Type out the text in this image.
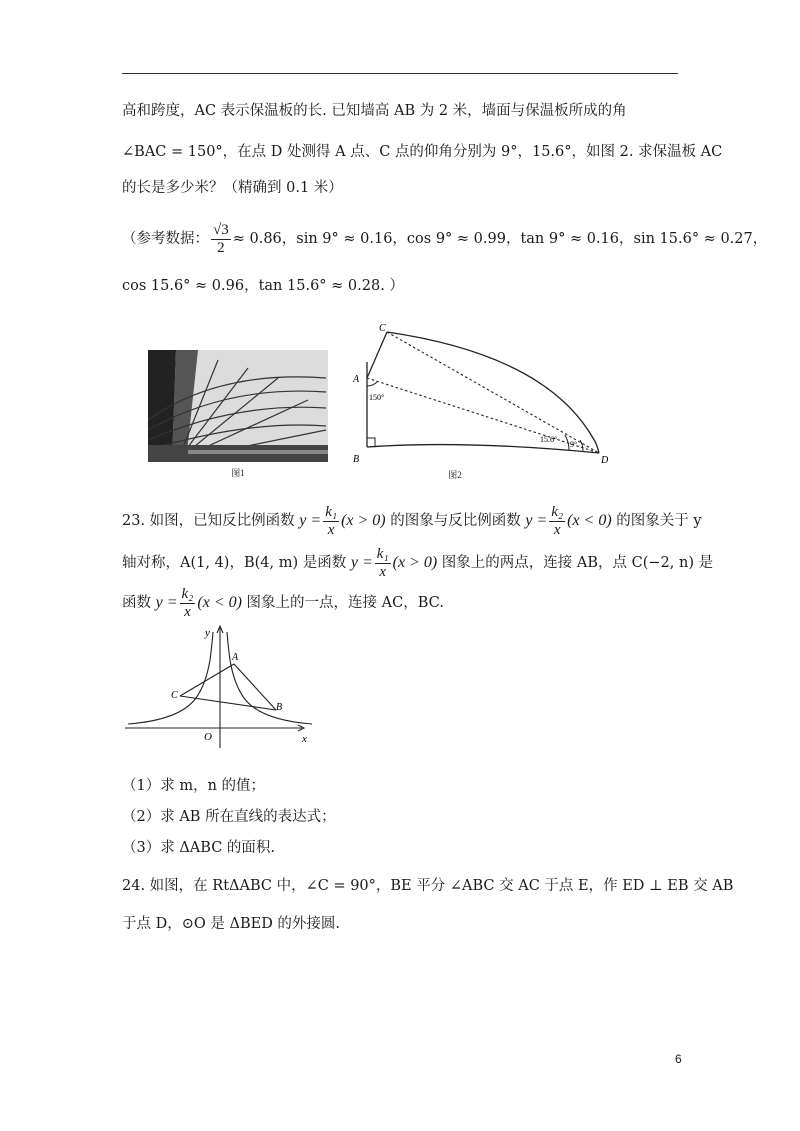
高和跨度，AC 表示保温板的长. 已知墙高 AB 为 2 米，墙面与保温板所成的角
∠BAC = 150°，在点 D 处测得 A 点、C 点的仰角分别为 9°，15.6°，如图 2. 求保温板 AC
的长是多少米？（精确到 0.1 米）
（参考数据： $\frac{√3}{2} \approx 0.86$，sin 9° ≈ 0.16，cos 9° ≈ 0.99，tan 9° ≈ 0.16，sin 15.6° ≈ 0.27，
cos 15.6° ≈ 0.96，tan 15.6° ≈ 0.28. ）
图1
C
A
B	D
150°
15.6°
9°
图2
23. 如图，已知反比例函数 $y = \frac{\text{k₁}}{x} (x > 0)$ 的图象与反比例函数 $y = \frac{\text{k₂}}{x} (x < 0)$ 的图象关于 y
轴对称，A(1, 4)，B(4, m) 是函数 $y = \frac{\text{k₁}}{x} (x > 0)$ 图象上的两点，连接 AB，点 C(−2, n) 是
函数 $y = \frac{\text{k₂}}{x} (x < 0)$ 图象上的一点，连接 AC，BC.
y
x
O
A
B
C
（1）求 m，n 的值；
（2）求 AB 所在直线的表达式；
（3）求 ΔABC 的面积.
24. 如图，在 RtΔABC 中，∠C = 90°，BE 平分 ∠ABC 交 AC 于点 E，作 ED ⊥ EB 交 AB
于点 D，⊙O 是 ΔBED 的外接圆.
6
